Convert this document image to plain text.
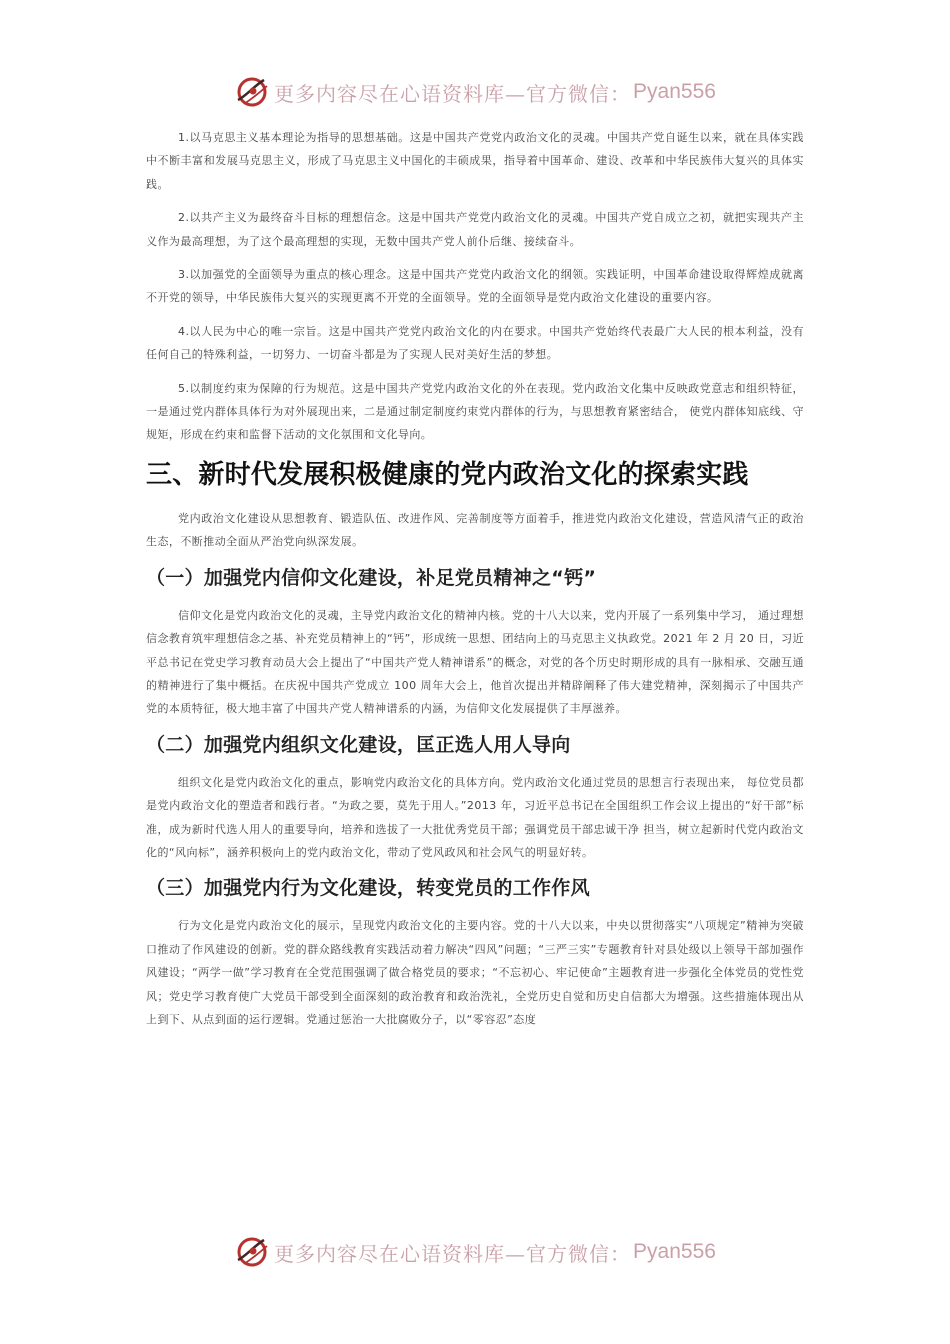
更多内容尽在心语资料库—官方微信： Pyan556

1.以马克思主义基本理论为指导的思想基础。这是中国共产党党内政治文化的灵魂。中国共产党自诞生以来，就在具体实践中不断丰富和发展马克思主义，形成了马克思主义中国化的丰硕成果，指导着中国革命、建设、改革和中华民族伟大复兴的具体实践。

2.以共产主义为最终奋斗目标的理想信念。这是中国共产党党内政治文化的灵魂。中国共产党自成立之初，就把实现共产主义作为最高理想，为了这个最高理想的实现，无数中国共产党人前仆后继、接续奋斗。

3.以加强党的全面领导为重点的核心理念。这是中国共产党党内政治文化的纲领。实践证明，中国革命建设取得辉煌成就离不开党的领导，中华民族伟大复兴的实现更离不开党的全面领导。党的全面领导是党内政治文化建设的重要内容。

4.以人民为中心的唯一宗旨。这是中国共产党党内政治文化的内在要求。中国共产党始终代表最广大人民的根本利益，没有任何自己的特殊利益，一切努力、一切奋斗都是为了实现人民对美好生活的梦想。

5.以制度约束为保障的行为规范。这是中国共产党党内政治文化的外在表现。党内政治文化集中反映政党意志和组织特征，一是通过党内群体具体行为对外展现出来，二是通过制定制度约束党内群体的行为，与思想教育紧密结合， 使党内群体知底线、守规矩，形成在约束和监督下活动的文化氛围和文化导向。

三、新时代发展积极健康的党内政治文化的探索实践

党内政治文化建设从思想教育、锻造队伍、改进作风、完善制度等方面着手，推进党内政治文化建设，营造风清气正的政治生态，不断推动全面从严治党向纵深发展。

（一）加强党内信仰文化建设，补足党员精神之“钙”

信仰文化是党内政治文化的灵魂，主导党内政治文化的精神内核。党的十八大以来，党内开展了一系列集中学习， 通过理想信念教育筑牢理想信念之基、补充党员精神上的“钙”，形成统一思想、团结向上的马克思主义执政党。2021 年 2 月 20 日，习近平总书记在党史学习教育动员大会上提出了“中国共产党人精神谱系”的概念，对党的各个历史时期形成的具有一脉相承、交融互通的精神进行了集中概括。在庆祝中国共产党成立 100 周年大会上，他首次提出并精辟阐释了伟大建党精神，深刻揭示了中国共产党的本质特征，极大地丰富了中国共产党人精神谱系的内涵，为信仰文化发展提供了丰厚滋养。

（二）加强党内组织文化建设，匡正选人用人导向

组织文化是党内政治文化的重点，影响党内政治文化的具体方向。党内政治文化通过党员的思想言行表现出来， 每位党员都是党内政治文化的塑造者和践行者。“为政之要，莫先于用人。”2013 年，习近平总书记在全国组织工作会议上提出的“好干部”标准，成为新时代选人用人的重要导向，培养和选拔了一大批优秀党员干部；强调党员干部忠诚干净 担当，树立起新时代党内政治文化的“风向标”，涵养积极向上的党内政治文化，带动了党风政风和社会风气的明显好转。

（三）加强党内行为文化建设，转变党员的工作作风

行为文化是党内政治文化的展示，呈现党内政治文化的主要内容。党的十八大以来，中央以贯彻落实“八项规定”精神为突破口推动了作风建设的创新。党的群众路线教育实践活动着力解决“四风”问题；“三严三实”专题教育针对县处级以上领导干部加强作风建设；“两学一做”学习教育在全党范围强调了做合格党员的要求；“不忘初心、牢记使命”主题教育进一步强化全体党员的党性党风；党史学习教育使广大党员干部受到全面深刻的政治教育和政治洗礼，全党历史自觉和历史自信都大为增强。这些措施体现出从上到下、从点到面的运行逻辑。党通过惩治一大批腐败分子，以“零容忍”态度

更多内容尽在心语资料库—官方微信： Pyan556
